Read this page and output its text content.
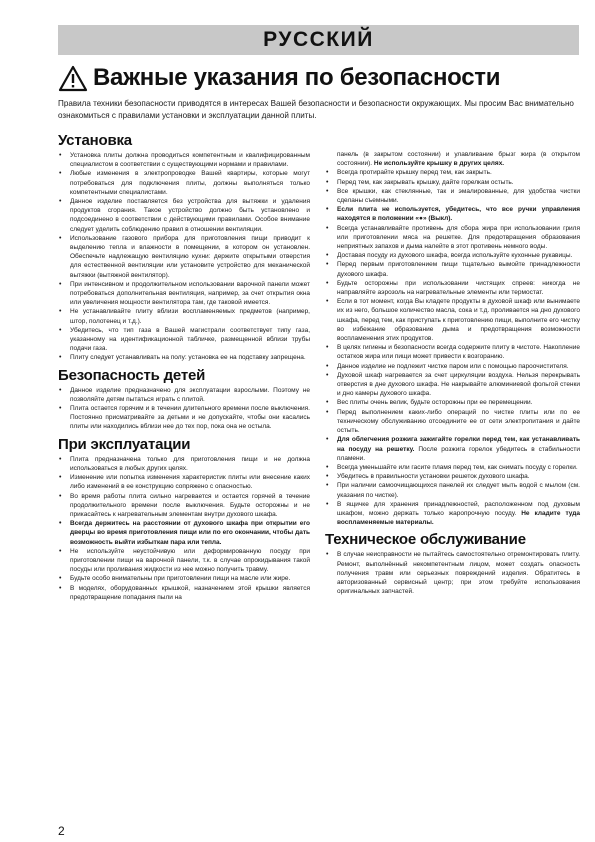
РУССКИЙ
Важные указания по безопасности

Правила техники безопасности приводятся в интересах Вашей безопасности и безопасности окружающих. Мы просим Вас внимательно ознакомиться с правилами установки и эксплуатации данной плиты.

Установка
• Установка плиты должна проводиться компетентным и квалифицированным специалистом в соответствии с существующими нормами и правилами.
• Любые изменения в электропроводке Вашей квартиры, которые могут потребоваться для подключения плиты, должны выполняться только компетентными специалистами.
• Данное изделие поставляется без устройства для вытяжки и удаления продуктов сгорания. Такое устройство должно быть установлено и подсоединено в соответствии с действующими правилами. Особое внимание следует уделить соблюдению правил в отношении вентиляции.
• Использование газового прибора для приготовления пищи приводит к выделению тепла и влажности в помещении, в котором он установлен. Обеспечьте надлежащую вентиляцию кухни: держите открытыми отверстия для естественной вентиляции или установите устройство для механической вытяжки (вытяжной вентилятор).
• При интенсивном и продолжительном использовании варочной панели может потребоваться дополнительная вентиляция, например, за счет открытия окна или увеличения мощности вентилятора там, где таковой имеется.
• Не устанавливайте плиту вблизи воспламеняемых предметов (например, штор, полотенец и т.д.).
• Убедитесь, что тип газа в Вашей магистрали соответствует типу газа, указанному на идентификационной табличке, размещенной вблизи трубы подачи газа.
• Плиту следует устанавливать на полу: установка ее на подставку запрещена.
Безопасность детей
• Данное изделие предназначено для эксплуатации взрослыми. Поэтому не позволяйте детям пытаться играть с плитой.
• Плита остается горячим и в течении длительного времени после выключения. Постоянно присматривайте за детьми и не допускайте, чтобы они касались плиты или находились вблизи нее до тех пор, пока она не остыла.
При эксплуатации
• Плита предназначена только для приготовления пищи и не должна использоваться в любых других целях.
• Изменение или попытка изменения характеристик плиты или внесение каких либо изменений в ее конструкцию сопряжено с опасностью.
• Во время работы плита сильно нагревается и остается горячей в течение продолжительного времени после выключения. Будьте осторожны и не прикасайтесь к нагревательным элементам внутри духового шкафа.
• Всегда держитесь на расстоянии от духового шкафа при открытии его дверцы во время приготовления пищи или по его окончании, чтобы дать возможность выйти избыткам пара или тепла.
• Не используйте неустойчивую или деформированную посуду при приготовлении пищи на варочной панели, т.к. в случае опрокидывания такой посуды или проливания жидкости из нее можно получить травму.
• Будьте особо внимательны при приготовлении пищи на масле или жире.
• В моделях, оборудованных крышкой, назначением этой крышки является предотвращение попадания пыли на

панель (в закрытом состоянии) и улавливание брызг жира (в открытом состоянии). Не используйте крышку в других целях.

• Всегда протирайте крышку перед тем, как закрыть.
• Перед тем, как закрывать крышку, дайте горелкам остыть.
• Все крышки, как стеклянные, так и эмалированные, для удобства чистки сделаны съемными.
• Если плита не используется, убедитесь, что все ручки управления находятся в положении «●» (Выкл).
• Всегда устанавливайте противень для сбора жира при использовании гриля или приготовлении мяса на решетке. Для предотвращения образования неприятных запахов и дыма налейте в этот противень немного воды.
• Доставая посуду из духового шкафа, всегда используйте кухонные рукавицы.
• Перед первым приготовлением пищи тщательно вымойте принадлежности духового шкафа.
• Будьте осторожны при использовании чистящих спреев: никогда не направляйте аэрозоль на нагревательные элементы или термостат.
• Если в тот момент, когда Вы кладете продукты в духовой шкаф или вынимаете их из него, большое количество масла, сока и т.д. проливается на дно духового шкафа, перед тем, как приступать к приготовлению пищи, выполните его чистку во избежание образование дыма и предотвращения возможности воспламенения этих продуктов.
• В целях гигиены и безопасности всегда содержите плиту в чистоте. Накопление остатков жира или пищи может привести к возгоранию.
• Данное изделие не подлежит чистке паром или с помощью пароочистителя.
• Духовой шкаф нагревается за счет циркуляции воздуха. Нельзя перекрывать отверстия в дне духового шкафа. Не накрывайте алюминиевой фольгой стенки и дно камеры духового шкафа.
• Вес плиты очень велик, будьте осторожны при ее перемещении.
• Перед выполнением каких-либо операций по чистке плиты или по ее техническому обслуживанию отсоедините ее от сети электропитания и дайте остыть.
• Для облегчения розжига зажигайте горелки перед тем, как устанавливать на посуду на решетку. После розжига горелок убедитесь в стабильности пламени.
• Всегда уменьшайте или гасите пламя перед тем, как снимать посуду с горелки.
• Убедитесь в правильности установки решеток духового шкафа.
• При наличии самоочищающихся панелей их следует мыть водой с мылом (см. указания по чистке).
• В ящичке для хранения принадлежностей, расположенном под духовым шкафом, можно держать только жаропрочную посуду. Не кладите туда воспламеняемые материалы.
Техническое обслуживание
• В случае неисправности не пытайтесь самостоятельно отремонтировать плиту. Ремонт, выполнённый некомпетентным лицом, может создать опасность получения травм или серьезных повреждений изделия. Обратитесь в авторизованный сервисный центр; при этом требуйте использования оригинальных запчастей.
2
